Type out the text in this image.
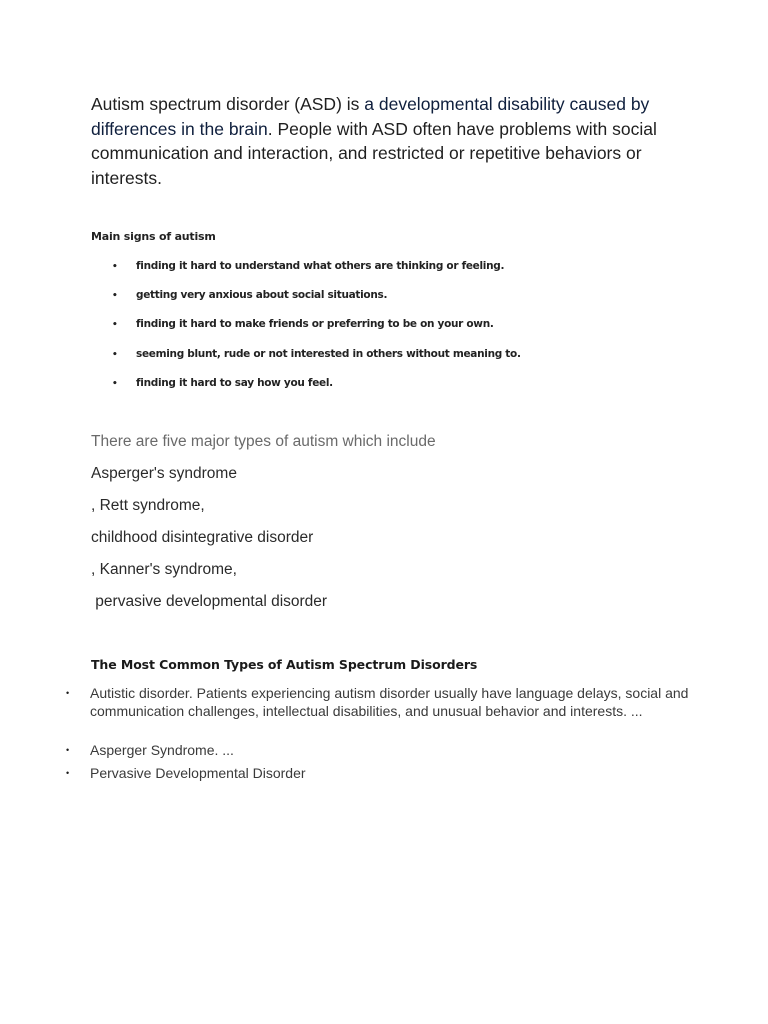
Autism spectrum disorder (ASD) is a developmental disability caused by differences in the brain. People with ASD often have problems with social communication and interaction, and restricted or repetitive behaviors or interests.

Main signs of autism

• finding it hard to understand what others are thinking or feeling.
• getting very anxious about social situations.
• finding it hard to make friends or preferring to be on your own.
• seeming blunt, rude or not interested in others without meaning to.
• finding it hard to say how you feel.

There are five major types of autism which include

Asperger's syndrome

, Rett syndrome,

childhood disintegrative disorder

, Kanner's syndrome,

pervasive developmental disorder

The Most Common Types of Autism Spectrum Disorders

• Autistic disorder. Patients experiencing autism disorder usually have language delays, social and communication challenges, intellectual disabilities, and unusual behavior and interests. ...
• Asperger Syndrome. ...
• Pervasive Developmental Disorder
